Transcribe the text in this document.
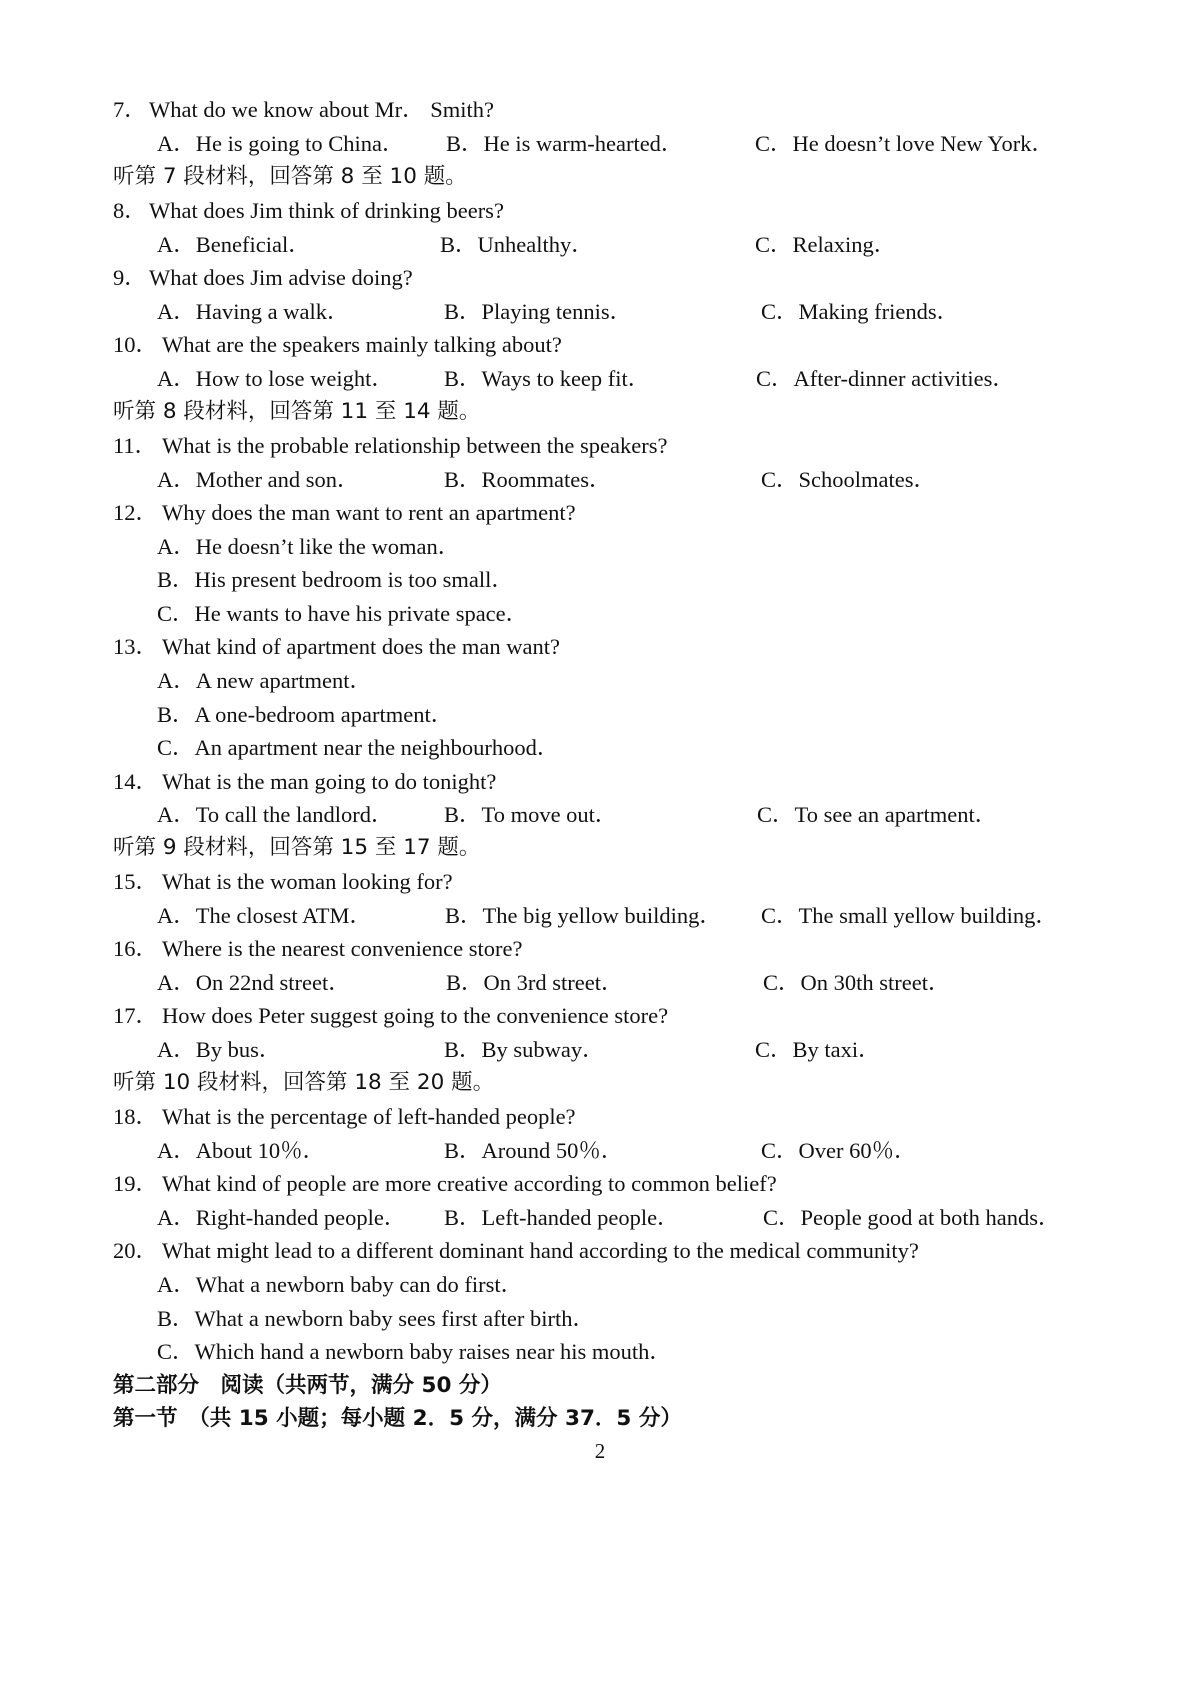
7．What do we know about Mr． Smith?
A．He is going to China． B．He is warm-hearted．	C．He doesn’t love New York．
听第 7 段材料，回答第 8 至 10 题。
8．What does Jim think of drinking beers?
A．Beneficial．	B．Unhealthy．	C．Relaxing．
9．What does Jim advise doing?
A．Having a walk．	B．Playing tennis．	C．Making friends．
10． What are the speakers mainly talking about?
A．How to lose weight． B．Ways to keep fit．	C．After-dinner activities．
听第 8 段材料，回答第 11 至 14 题。
11． What is the probable relationship between the speakers?
A．Mother and son．	B．Roommates．	C．Schoolmates．
12． Why does the man want to rent an apartment?
A．He doesn’t like the woman．
B．His present bedroom is too small．
C．He wants to have his private space．
13． What kind of apartment does the man want?
A．A new apartment．
B．A one-bedroom apartment．
C．An apartment near the neighbourhood．
14． What is the man going to do tonight?
A．To call the landlord． B．To move out．	C．To see an apartment．
听第 9 段材料，回答第 15 至 17 题。
15． What is the woman looking for?
A．The closest ATM．	B．The big yellow building． C．The small yellow building．
16． Where is the nearest convenience store?
A．On 22nd street．	B．On 3rd street．	C．On 30th street．
17． How does Peter suggest going to the convenience store?
A．By bus．	B．By subway．	C．By taxi．
听第 10 段材料，回答第 18 至 20 题。
18． What is the percentage of left-handed people?
A．About 10％．	B．Around 50％．	C．Over 60％．
19． What kind of people are more creative according to common belief?
A．Right-handed people． B．Left-handed people．	C．People good at both hands．
20． What might lead to a different dominant hand according to the medical community?
A．What a newborn baby can do first．
B．What a newborn baby sees first after birth．
C．Which hand a newborn baby raises near his mouth．
第二部分　阅读（共两节，满分 50 分）
第一节　（共 15 小题；每小题 2．5 分，满分 37．5 分）
2
